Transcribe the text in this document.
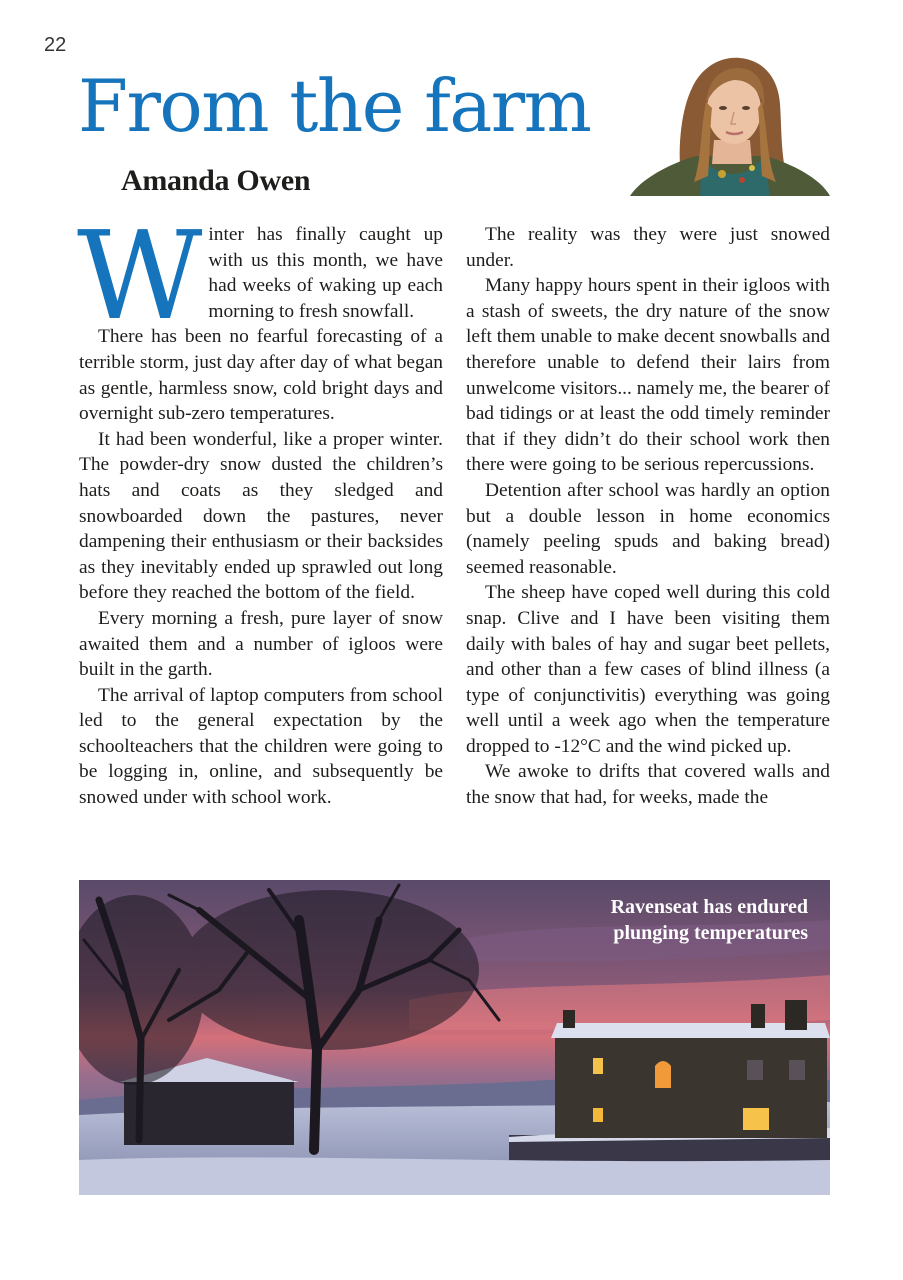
22
From the farm
Amanda Owen

Winter has finally caught up with us this month, we have had weeks of waking up each morning to fresh snowfall.

There has been no fearful forecasting of a terrible storm, just day after day of what began as gentle, harmless snow, cold bright days and overnight sub-zero temperatures.

It had been wonderful, like a proper winter. The powder-dry snow dusted the children’s hats and coats as they sledged and snowboarded down the pastures, never dampening their enthusiasm or their backsides as they inevitably ended up sprawled out long before they reached the bottom of the field.

Every morning a fresh, pure layer of snow awaited them and a number of igloos were built in the garth.

The arrival of laptop computers from school led to the general expectation by the schoolteachers that the children were going to be logging in, online, and subsequently be snowed under with school work.

The reality was they were just snowed under.

Many happy hours spent in their igloos with a stash of sweets, the dry nature of the snow left them unable to make decent snowballs and therefore unable to defend their lairs from unwelcome visitors... namely me, the bearer of bad tidings or at least the odd timely reminder that if they didn’t do their school work then there were going to be serious repercussions.

Detention after school was hardly an option but a double lesson in home economics (namely peeling spuds and baking bread) seemed reasonable.

The sheep have coped well during this cold snap. Clive and I have been visiting them daily with bales of hay and sugar beet pellets, and other than a few cases of blind illness (a type of conjunctivitis) everything was going well until a week ago when the temperature dropped to -12°C and the wind picked up.

We awoke to drifts that covered walls and the snow that had, for weeks, made the

Ravenseat has endured
plunging temperatures
